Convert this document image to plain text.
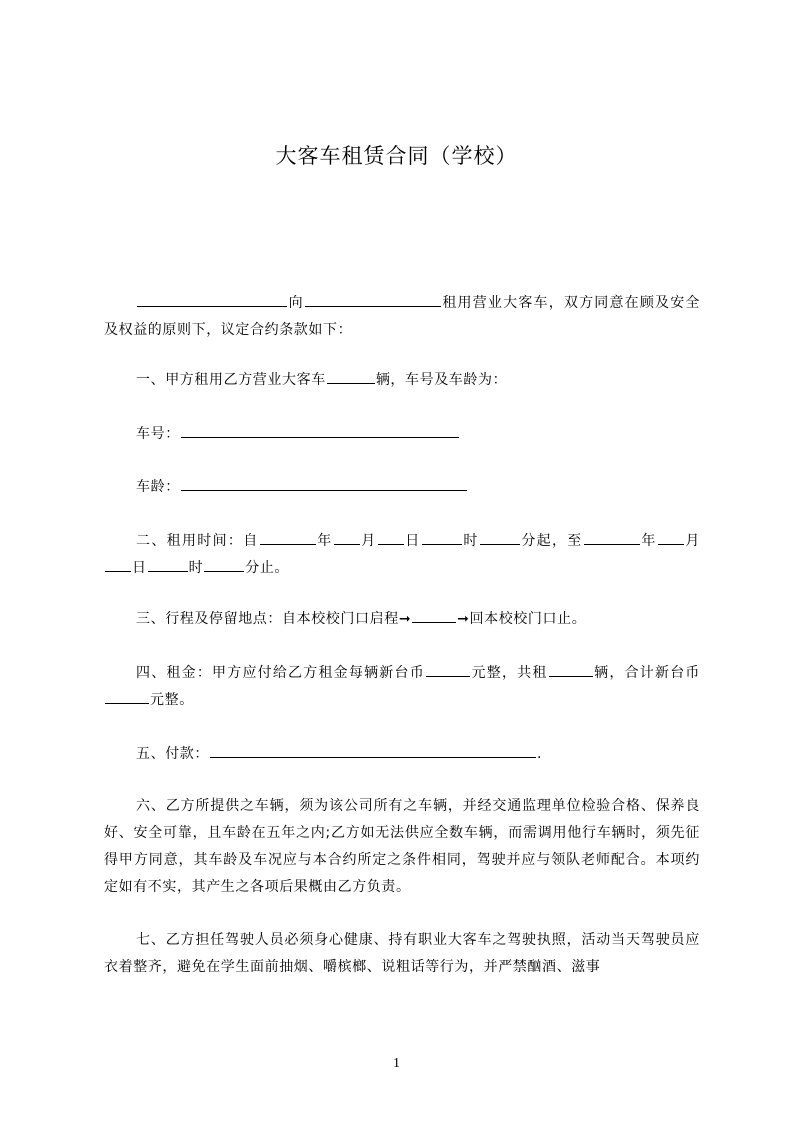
大客车租赁合同（学校）
向	租用营业大客车，双方同意在顾及安全及权益的原则下，议定合约条款如下：
一、甲方租用乙方营业大客车	辆，车号及车龄为：
车号：
车龄：
二、租用时间：自	年 月 日	时	分起，至	年 月日	时	分止。
三、行程及停留地点：自本校校门口启程➞	➞回本校校门口止。
四、租金：甲方应付给乙方租金每辆新台币	元整，共租	辆，合计新台币元整。
五、付款：	.
六、乙方所提供之车辆，须为该公司所有之车辆，并经交通监理单位检验合格、保养良好、安全可靠，且车龄在五年之内;乙方如无法供应全数车辆，而需调用他行车辆时，须先征得甲方同意，其车龄及车况应与本合约所定之条件相同，驾驶并应与领队老师配合。本项约定如有不实，其产生之各项后果概由乙方负责。
七、乙方担任驾驶人员必须身心健康、持有职业大客车之驾驶执照，活动当天驾驶员应衣着整齐，避免在学生面前抽烟、嚼槟榔、说粗话等行为，并严禁酗酒、滋事
1
